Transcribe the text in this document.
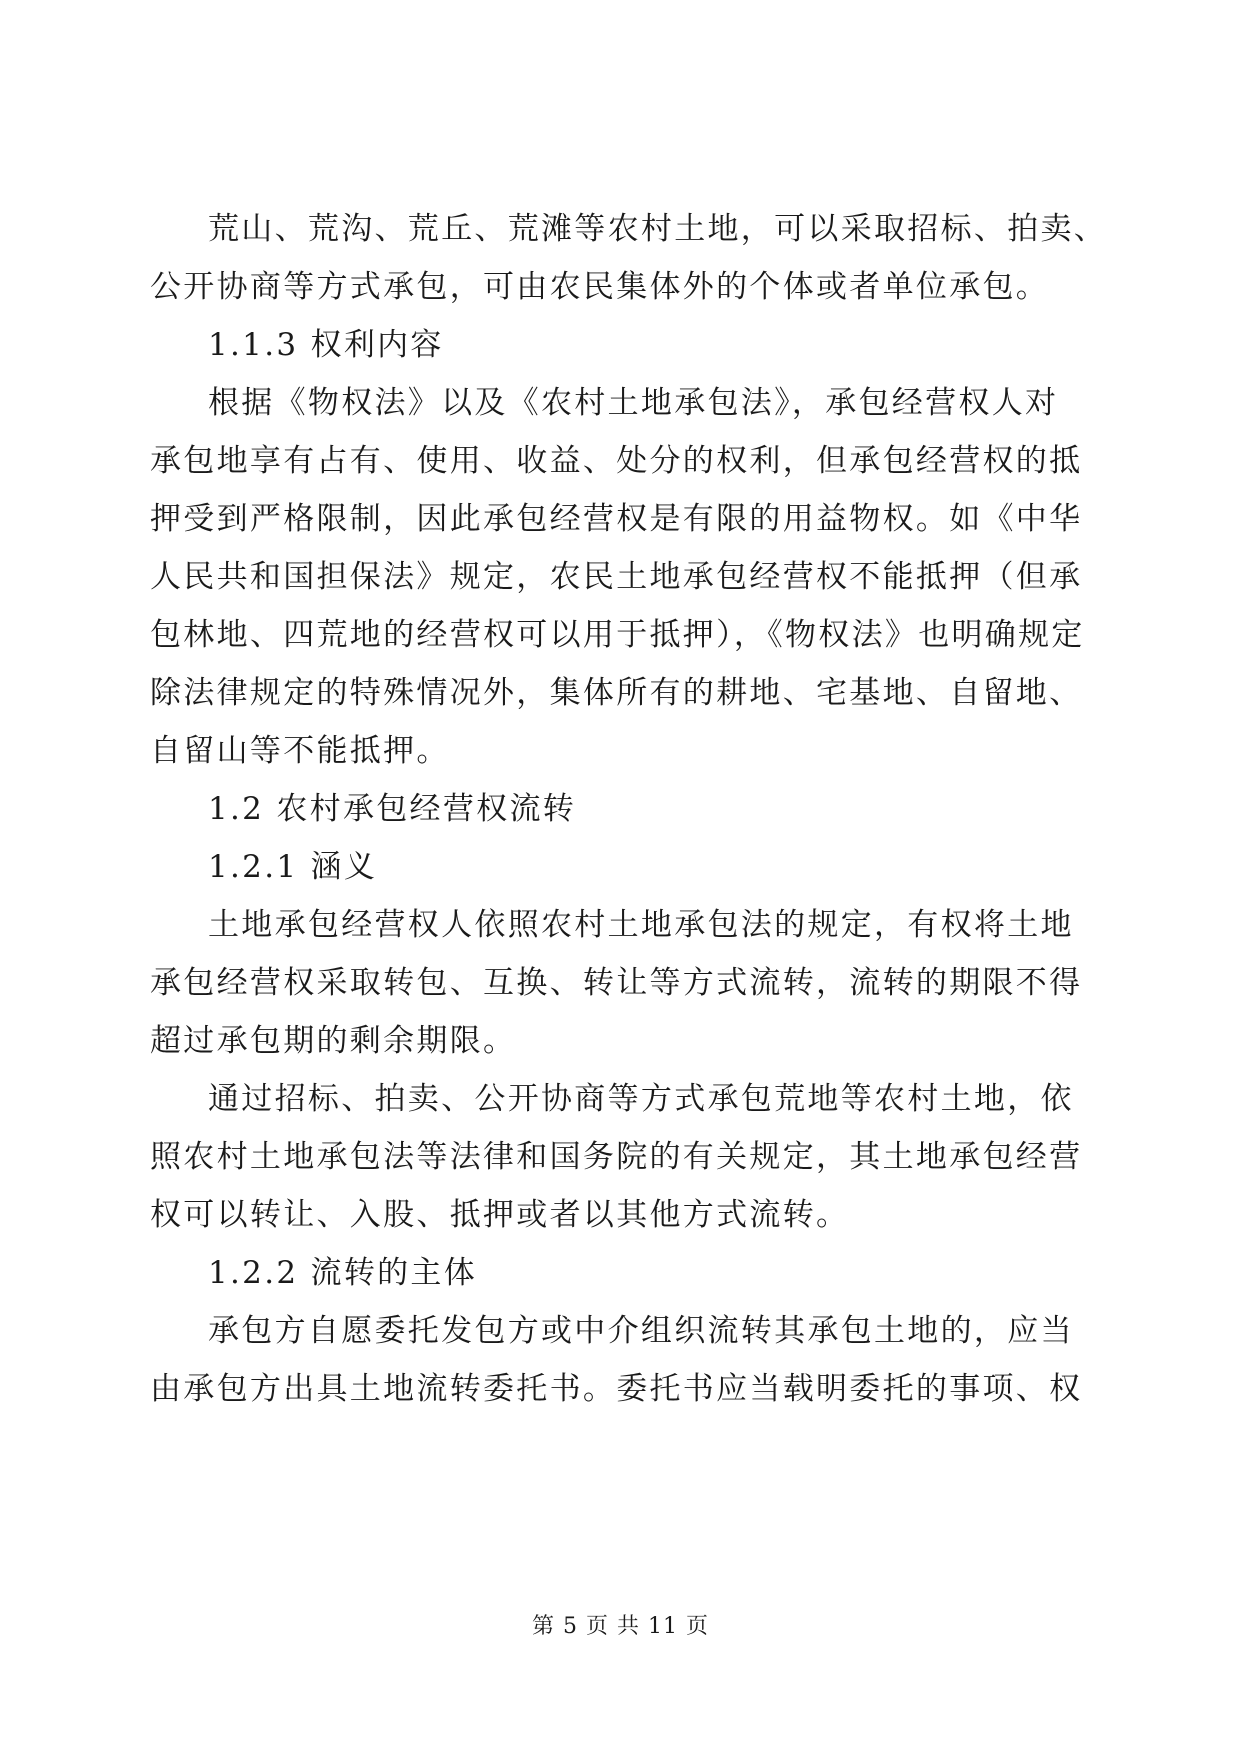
荒山、荒沟、荒丘、荒滩等农村土地，可以采取招标、拍卖、
公开协商等方式承包，可由农民集体外的个体或者单位承包。
1.1.3 权利内容
根据《物权法》以及《农村土地承包法》，承包经营权人对
承包地享有占有、使用、收益、处分的权利，但承包经营权的抵
押受到严格限制，因此承包经营权是有限的用益物权。如《中华
人民共和国担保法》规定，农民土地承包经营权不能抵押（但承
包林地、四荒地的经营权可以用于抵押），《物权法》也明确规定
除法律规定的特殊情况外，集体所有的耕地、宅基地、自留地、
自留山等不能抵押。
1.2 农村承包经营权流转
1.2.1 涵义
土地承包经营权人依照农村土地承包法的规定，有权将土地
承包经营权采取转包、互换、转让等方式流转，流转的期限不得
超过承包期的剩余期限。
通过招标、拍卖、公开协商等方式承包荒地等农村土地，依
照农村土地承包法等法律和国务院的有关规定，其土地承包经营
权可以转让、入股、抵押或者以其他方式流转。
1.2.2 流转的主体
承包方自愿委托发包方或中介组织流转其承包土地的，应当
由承包方出具土地流转委托书。委托书应当载明委托的事项、权
第 5 页 共 11 页
